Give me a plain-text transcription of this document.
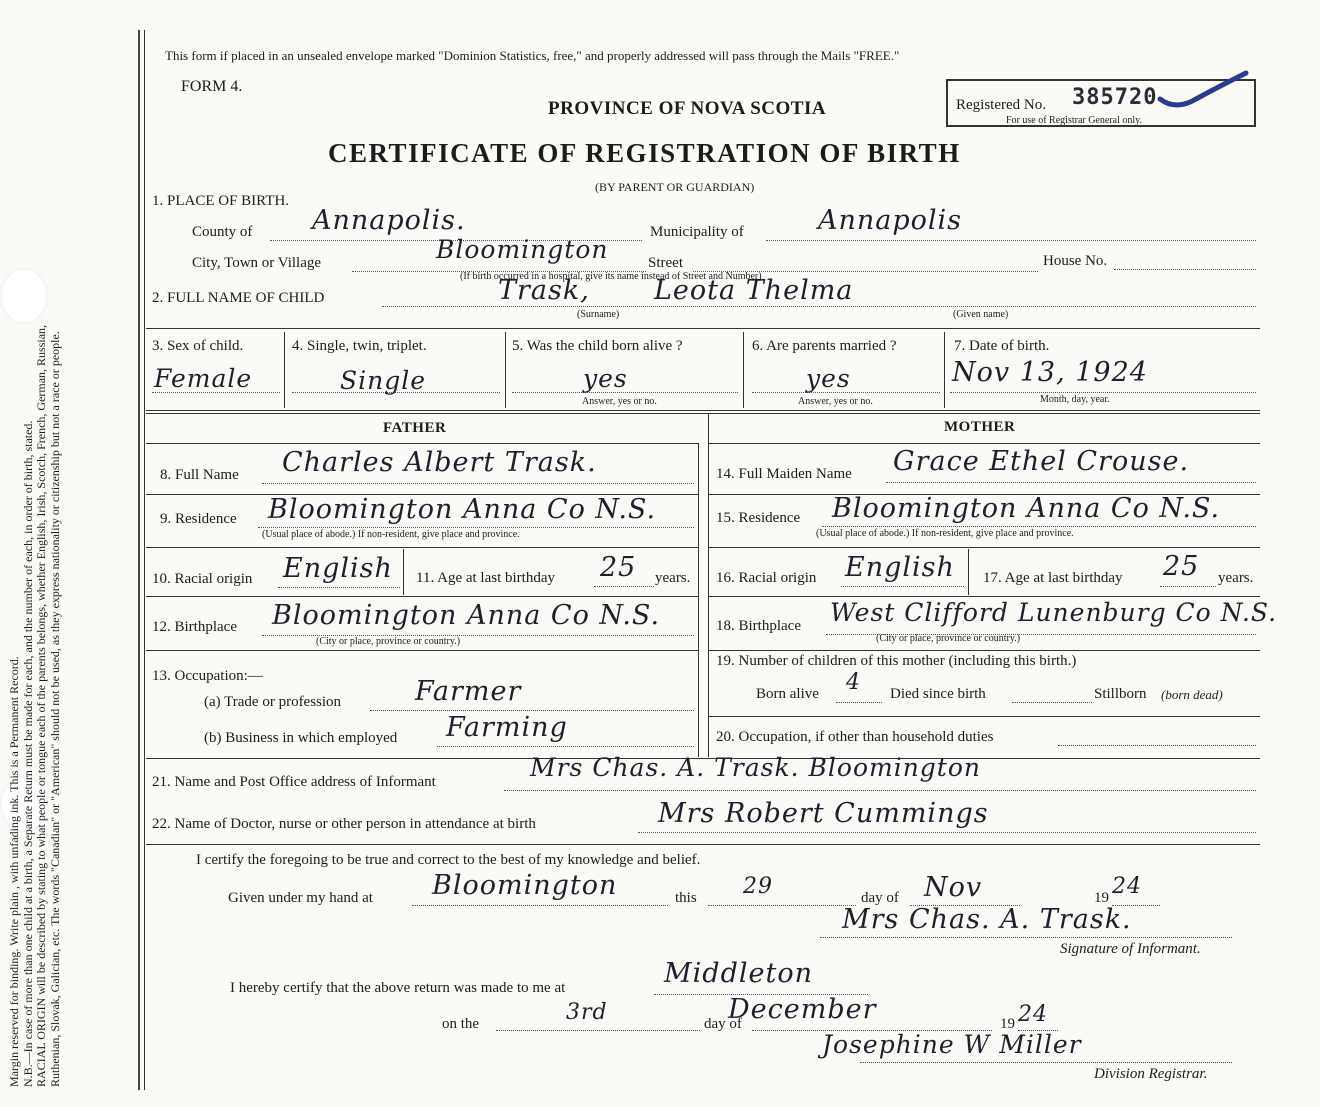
Margin reserved for binding. Write plain , with unfading ink. This is a Permanent Record. N.B.—In case of more than one child at a birth, a Separate Return must be made for each, and the number of each, in order of birth, stated. RACIAL ORIGIN will be described by stating to what people or tongue each of the parents belongs, whether English, Irish, Scotch, French, German, Russian, Ruthenian, Slovak, Galician, etc. The words "Canadian" or "American" should not be used, as they express nationality or citizenship but not a race or people.
This form if placed in an unsealed envelope marked "Dominion Statistics, free," and properly addressed will pass through the Mails "FREE."
FORM 4.
PROVINCE OF NOVA SCOTIA
CERTIFICATE OF REGISTRATION OF BIRTH
(BY PARENT OR GUARDIAN)
Registered No. 385720
For use of Registrar General only.
1. PLACE OF BIRTH.
County of Annapolis.	Municipality of	Annapolis
City, Town or Village	Bloomington	Street
(If birth occurred in a hospital, give its name instead of Street and Number)
House No.
2. FULL NAME OF CHILD	Trask, Leota Thelma
(Surname)	(Given name)
3. Sex of child.
Female
4. Single, twin, triplet.
Single
5. Was the child born alive ?
yes
Answer, yes or no.
6. Are parents married ?
yes
Answer, yes or no.
7. Date of birth.
Nov 13, 1924
Month, day, year.
FATHER	MOTHER
8. Full Name Charles Albert Trask.
9. Residence Bloomington Anna Co N.S.
(Usual place of abode.) If non-resident, give place and province.
10. Racial origin English 11. Age at last birthday 25 years.
12. Birthplace Bloomington Anna Co N.S.
(City or place, province or country.)
13. Occupation:—
(a) Trade or profession	Farmer
(b) Business in which employed Farming
14. Full Maiden Name Grace Ethel Crouse.
15. Residence Bloomington Anna Co N.S.
(Usual place of abode.) If non-resident, give place and province.
16. Racial origin English 17. Age at last birthday 25 years.
18. Birthplace West Clifford Lunenburg Co N.S.
(City or place, province or country.)
19. Number of children of this mother (including this birth.)
Born alive 4 Died since birth	Stillborn (born dead)
20. Occupation, if other than household duties
21. Name and Post Office address of Informant	Mrs Chas. A. Trask. Bloomington
22. Name of Doctor, nurse or other person in attendance at birth	Mrs Robert Cummings
I certify the foregoing to be true and correct to the best of my knowledge and belief.
Given under my hand at Bloomington	this 29	day of Nov	19 24
Mrs Chas. A. Trask.
Signature of Informant.
I hereby certify that the above return was made to me at	Middleton
on the	3rd	day of
December	19 24
Josephine W Miller
Division Registrar.
